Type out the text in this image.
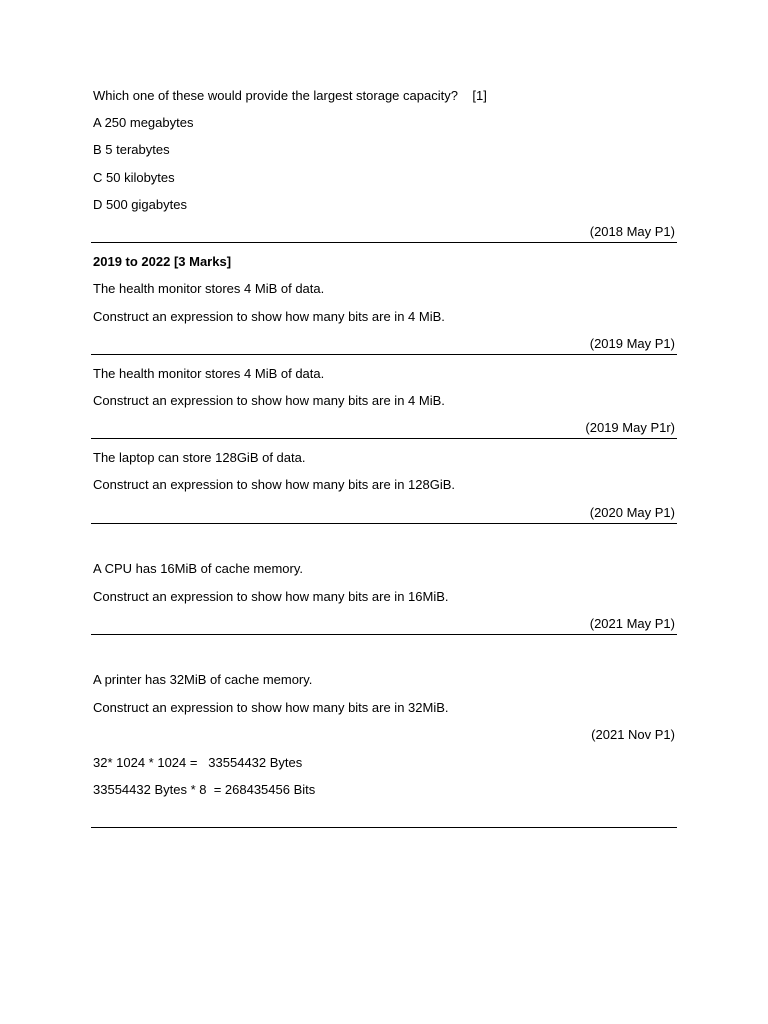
Which one of these would provide the largest storage capacity?    [1]
A 250 megabytes
B 5 terabytes
C 50 kilobytes
D 500 gigabytes
(2018 May P1)
2019 to 2022 [3 Marks]
The health monitor stores 4 MiB of data.
Construct an expression to show how many bits are in 4 MiB.
(2019 May P1)
The health monitor stores 4 MiB of data.
Construct an expression to show how many bits are in 4 MiB.
(2019 May P1r)
The laptop can store 128GiB of data.
Construct an expression to show how many bits are in 128GiB.
(2020 May P1)
A CPU has 16MiB of cache memory.
Construct an expression to show how many bits are in 16MiB.
(2021 May P1)
A printer has 32MiB of cache memory.
Construct an expression to show how many bits are in 32MiB.
(2021 Nov P1)
32* 1024 * 1024 =   33554432 Bytes
33554432 Bytes * 8  = 268435456 Bits
